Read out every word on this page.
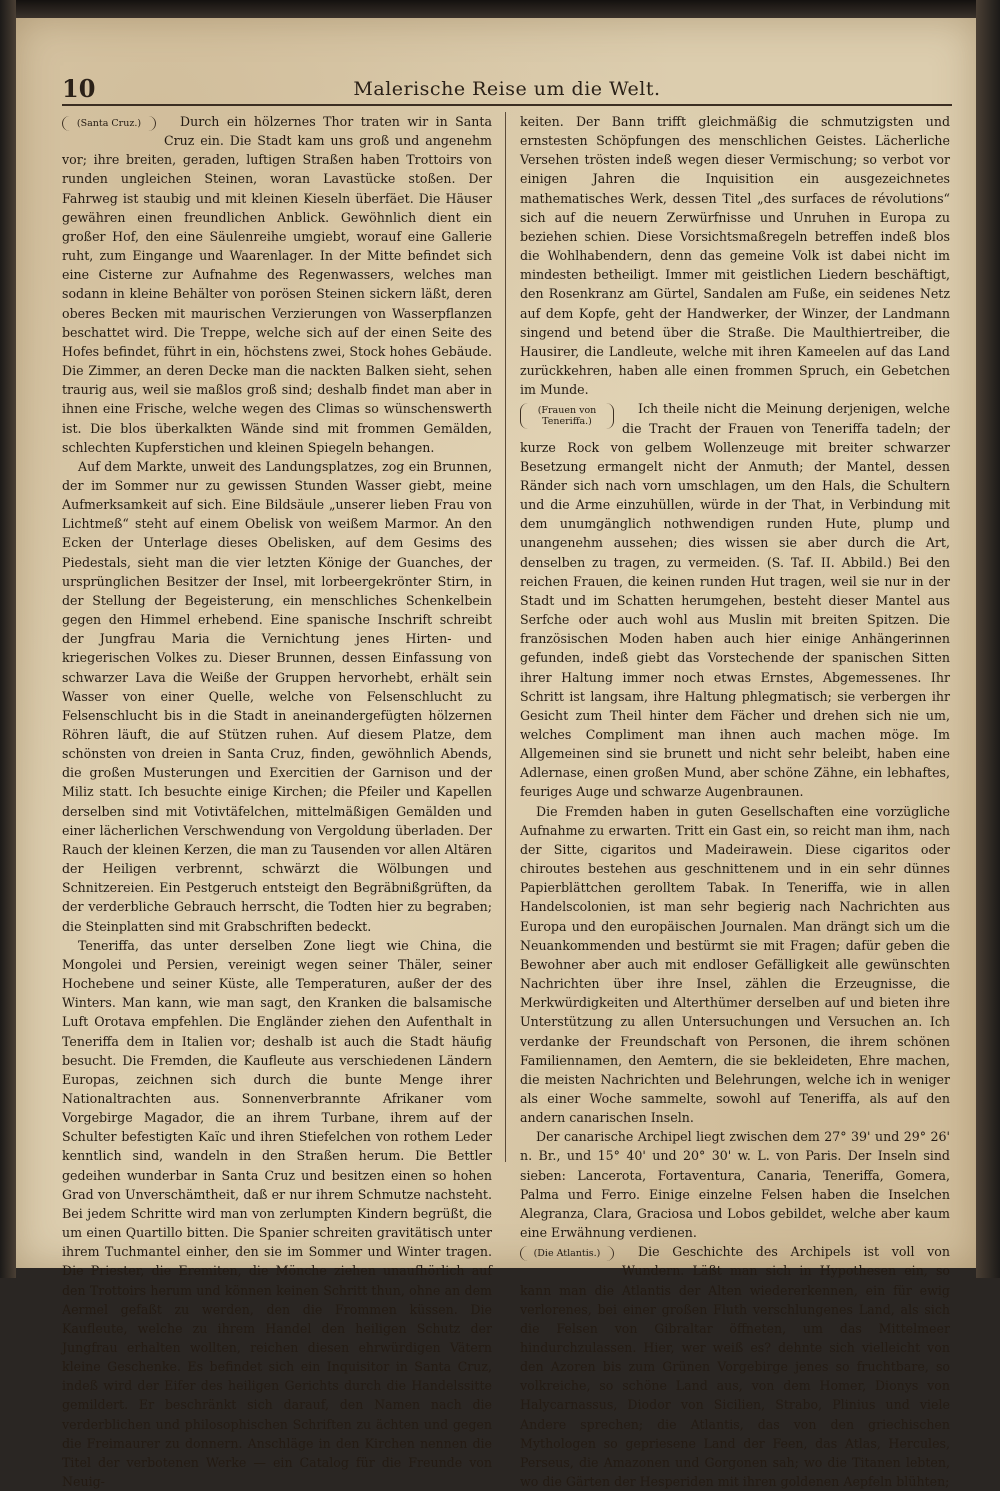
10	Malerische Reise um die Welt.

(Santa Cruz.)	Durch ein hölzernes Thor traten wir in Santa Cruz ein. Die Stadt kam uns groß und angenehm vor; ihre breiten, geraden, luftigen Straßen haben Trottoirs von runden ungleichen Steinen, woran Lavastücke stoßen. Der Fahrweg ist staubig und mit kleinen Kieseln überfäet. Die Häuser gewähren einen freundlichen Anblick. Gewöhnlich dient ein großer Hof, den eine Säulenreihe umgiebt, worauf eine Gallerie ruht, zum Eingange und Waarenlager. In der Mitte befindet sich eine Cisterne zur Aufnahme des Regenwassers, welches man sodann in kleine Behälter von porösen Steinen sickern läßt, deren oberes Becken mit maurischen Verzierungen von Wasserpflanzen beschattet wird. Die Treppe, welche sich auf der einen Seite des Hofes befindet, führt in ein, höchstens zwei, Stock hohes Gebäude. Die Zimmer, an deren Decke man die nackten Balken sieht, sehen traurig aus, weil sie maßlos groß sind; deshalb findet man aber in ihnen eine Frische, welche wegen des Climas so wünschenswerth ist. Die blos überkalkten Wände sind mit frommen Gemälden, schlechten Kupferstichen und kleinen Spiegeln behangen.

Auf dem Markte, unweit des Landungsplatzes, zog ein Brunnen, der im Sommer nur zu gewissen Stunden Wasser giebt, meine Aufmerksamkeit auf sich. Eine Bildsäule „unserer lieben Frau von Lichtmeß“ steht auf einem Obelisk von weißem Marmor. An den Ecken der Unterlage dieses Obelisken, auf dem Gesims des Piedestals, sieht man die vier letzten Könige der Guanches, der ursprünglichen Besitzer der Insel, mit lorbeergekrönter Stirn, in der Stellung der Begeisterung, ein menschliches Schenkelbein gegen den Himmel erhebend. Eine spanische Inschrift schreibt der Jungfrau Maria die Vernichtung jenes Hirten- und kriegerischen Volkes zu. Dieser Brunnen, dessen Einfassung von schwarzer Lava die Weiße der Gruppen hervorhebt, erhält sein Wasser von einer Quelle, welche von Felsenschlucht zu Felsenschlucht bis in die Stadt in aneinandergefügten hölzernen Röhren läuft, die auf Stützen ruhen. Auf diesem Platze, dem schönsten von dreien in Santa Cruz, finden, gewöhnlich Abends, die großen Musterungen und Exercitien der Garnison und der Miliz statt. Ich besuchte einige Kirchen; die Pfeiler und Kapellen derselben sind mit Votivtäfelchen, mittelmäßigen Gemälden und einer lächerlichen Verschwendung von Vergoldung überladen. Der Rauch der kleinen Kerzen, die man zu Tausenden vor allen Altären der Heiligen verbrennt, schwärzt die Wölbungen und Schnitzereien. Ein Pestgeruch entsteigt den Begräbnißgrüften, da der verderbliche Gebrauch herrscht, die Todten hier zu begraben; die Steinplatten sind mit Grabschriften bedeckt.

Teneriffa, das unter derselben Zone liegt wie China, die Mongolei und Persien, vereinigt wegen seiner Thäler, seiner Hochebene und seiner Küste, alle Temperaturen, außer der des Winters. Man kann, wie man sagt, den Kranken die balsamische Luft Orotava empfehlen. Die Engländer ziehen den Aufenthalt in Teneriffa dem in Italien vor; deshalb ist auch die Stadt häufig besucht. Die Fremden, die Kaufleute aus verschiedenen Ländern Europas, zeichnen sich durch die bunte Menge ihrer Nationaltrachten aus. Sonnenverbrannte Afrikaner vom Vorgebirge Magador, die an ihrem Turbane, ihrem auf der Schulter befestigten Kaïc und ihren Stiefelchen von rothem Leder kenntlich sind, wandeln in den Straßen herum. Die Bettler gedeihen wunderbar in Santa Cruz und besitzen einen so hohen Grad von Unverschämtheit, daß er nur ihrem Schmutze nachsteht. Bei jedem Schritte wird man von zerlumpten Kindern begrüßt, die um einen Quartillo bitten. Die Spanier schreiten gravitätisch unter ihrem Tuchmantel einher, den sie im Sommer und Winter tragen. Die Priester, die Eremiten, die Mönche ziehen unaufhörlich auf den Trottoirs herum und können keinen Schritt thun, ohne an dem Aermel gefaßt zu werden, den die Frommen küssen. Die Kaufleute, welche zu ihrem Handel den heiligen Schutz der Jungfrau erhalten wollten, reichen diesen ehrwürdigen Vätern kleine Geschenke. Es befindet sich ein Inquisitor in Santa Cruz, indeß wird der Eifer des heiligen Gerichts durch die Handelssitte gemildert. Er beschränkt sich darauf, den Namen nach die verderblichen und philosophischen Schriften zu ächten und gegen die Freimaurer zu donnern. Anschläge in den Kirchen nennen die Titel der verbotenen Werke — ein Catalog für die Freunde von Neuig-

keiten. Der Bann trifft gleichmäßig die schmutzigsten und ernstesten Schöpfungen des menschlichen Geistes. Lächerliche Versehen trösten indeß wegen dieser Vermischung; so verbot vor einigen Jahren die Inquisition ein ausgezeichnetes mathematisches Werk, dessen Titel „des surfaces de révolutions“ sich auf die neuern Zerwürfnisse und Unruhen in Europa zu beziehen schien. Diese Vorsichtsmaßregeln betreffen indeß blos die Wohlhabendern, denn das gemeine Volk ist dabei nicht im mindesten betheiligt. Immer mit geistlichen Liedern beschäftigt, den Rosenkranz am Gürtel, Sandalen am Fuße, ein seidenes Netz auf dem Kopfe, geht der Handwerker, der Winzer, der Landmann singend und betend über die Straße. Die Maulthiertreiber, die Hausirer, die Landleute, welche mit ihren Kameelen auf das Land zurückkehren, haben alle einen frommen Spruch, ein Gebetchen im Munde.

(Frauen von Teneriffa.)
Ich theile nicht die Meinung derjenigen, welche die Tracht der Frauen von Teneriffa tadeln; der kurze Rock von gelbem Wollenzeuge mit breiter schwarzer Besetzung ermangelt nicht der Anmuth; der Mantel, dessen Ränder sich nach vorn umschlagen, um den Hals, die Schultern und die Arme einzuhüllen, würde in der That, in Verbindung mit dem unumgänglich nothwendigen runden Hute, plump und unangenehm aussehen; dies wissen sie aber durch die Art, denselben zu tragen, zu vermeiden. (S. Taf. II. Abbild.) Bei den reichen Frauen, die keinen runden Hut tragen, weil sie nur in der Stadt und im Schatten herumgehen, besteht dieser Mantel aus Serfche oder auch wohl aus Muslin mit breiten Spitzen. Die französischen Moden haben auch hier einige Anhängerinnen gefunden, indeß giebt das Vorstechende der spanischen Sitten ihrer Haltung immer noch etwas Ernstes, Abgemessenes. Ihr Schritt ist langsam, ihre Haltung phlegmatisch; sie verbergen ihr Gesicht zum Theil hinter dem Fächer und drehen sich nie um, welches Compliment man ihnen auch machen möge. Im Allgemeinen sind sie brunett und nicht sehr beleibt, haben eine Adlernase, einen großen Mund, aber schöne Zähne, ein lebhaftes, feuriges Auge und schwarze Augenbraunen.

Die Fremden haben in guten Gesellschaften eine vorzügliche Aufnahme zu erwarten. Tritt ein Gast ein, so reicht man ihm, nach der Sitte, cigaritos und Madeirawein. Diese cigaritos oder chiroutes bestehen aus geschnittenem und in ein sehr dünnes Papierblättchen gerolltem Tabak. In Teneriffa, wie in allen Handelscolonien, ist man sehr begierig nach Nachrichten aus Europa und den europäischen Journalen. Man drängt sich um die Neuankommenden und bestürmt sie mit Fragen; dafür geben die Bewohner aber auch mit endloser Gefälligkeit alle gewünschten Nachrichten über ihre Insel, zählen die Erzeugnisse, die Merkwürdigkeiten und Alterthümer derselben auf und bieten ihre Unterstützung zu allen Untersuchungen und Versuchen an. Ich verdanke der Freundschaft von Personen, die ihrem schönen Familiennamen, den Aemtern, die sie bekleideten, Ehre machen, die meisten Nachrichten und Belehrungen, welche ich in weniger als einer Woche sammelte, sowohl auf Teneriffa, als auf den andern canarischen Inseln.

Der canarische Archipel liegt zwischen dem 27° 39' und 29° 26' n. Br., und 15° 40' und 20° 30' w. L. von Paris. Der Inseln sind sieben: Lancerota, Fortaventura, Canaria, Teneriffa, Gomera, Palma und Ferro. Einige einzelne Felsen haben die Inselchen Alegranza, Clara, Graciosa und Lobos gebildet, welche aber kaum eine Erwähnung verdienen.

(Die Atlantis.)	Die Geschichte des Archipels ist voll von Wundern. Läßt man sich in Hypothesen ein, so kann man die Atlantis der Alten wiedererkennen, ein für ewig verlorenes, bei einer großen Fluth verschlungenes Land, als sich die Felsen von Gibraltar öffneten, um das Mittelmeer hindurchzulassen. Hier, wer weiß es? dehnte sich vielleicht von den Azoren bis zum Grünen Vorgebirge jenes so fruchtbare, so volkreiche, so schöne Land aus, von dem Homer, Dionys von Halycarnassus, Diodor von Sicilien, Strabo, Plinius und viele Andere sprechen; die Atlantis, das von den griechischen Mythologen so gepriesene Land der Feen, das Atlas, Hercules, Perseus, die Amazonen und Gorgonen sah; wo die Titanen lebten, wo die Gärten der Hesperiden mit ihren goldenen Aepfeln blühten;
